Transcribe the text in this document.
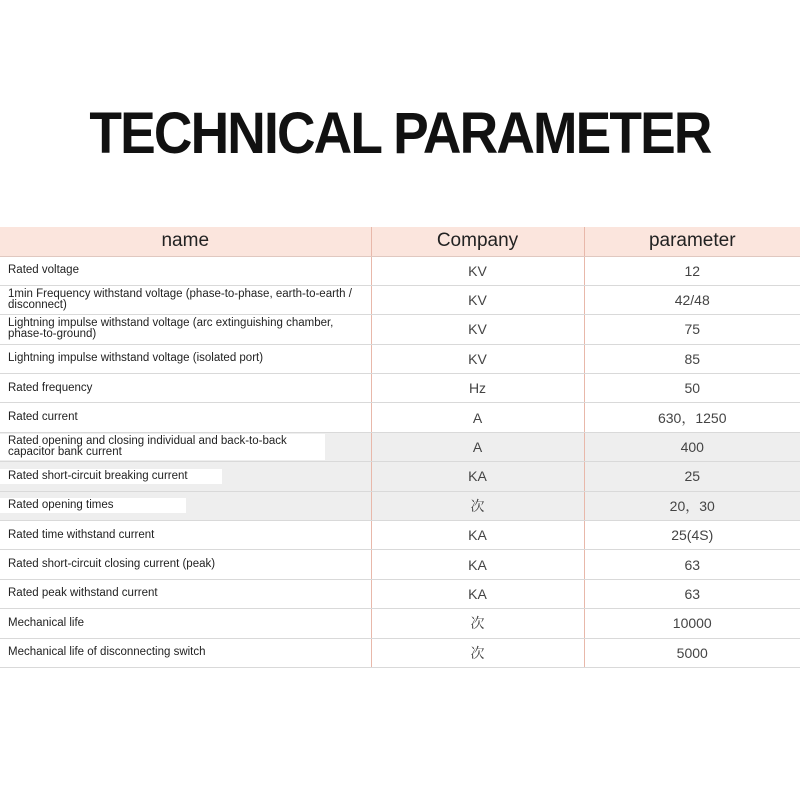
TECHNICAL PARAMETER
name	Company	parameter
Rated voltage	KV	12
1min Frequency withstand voltage (phase-to-phase, earth-to-earth / disconnect)	KV	42/48
Lightning impulse withstand voltage (arc extinguishing chamber, phase-to-ground)	KV	75
Lightning impulse withstand voltage (isolated port)	KV	85
Rated frequency	Hz	50
Rated current	A	630，1250
Rated opening and closing individual and back-to-back capacitor bank current	A	400
Rated short-circuit breaking current	KA	25
Rated opening times	次	20，30
Rated time withstand current	KA	25(4S)
Rated short-circuit closing current (peak)	KA	63
Rated peak withstand current	KA	63
Mechanical life	次	10000
Mechanical life of disconnecting switch	次	5000
